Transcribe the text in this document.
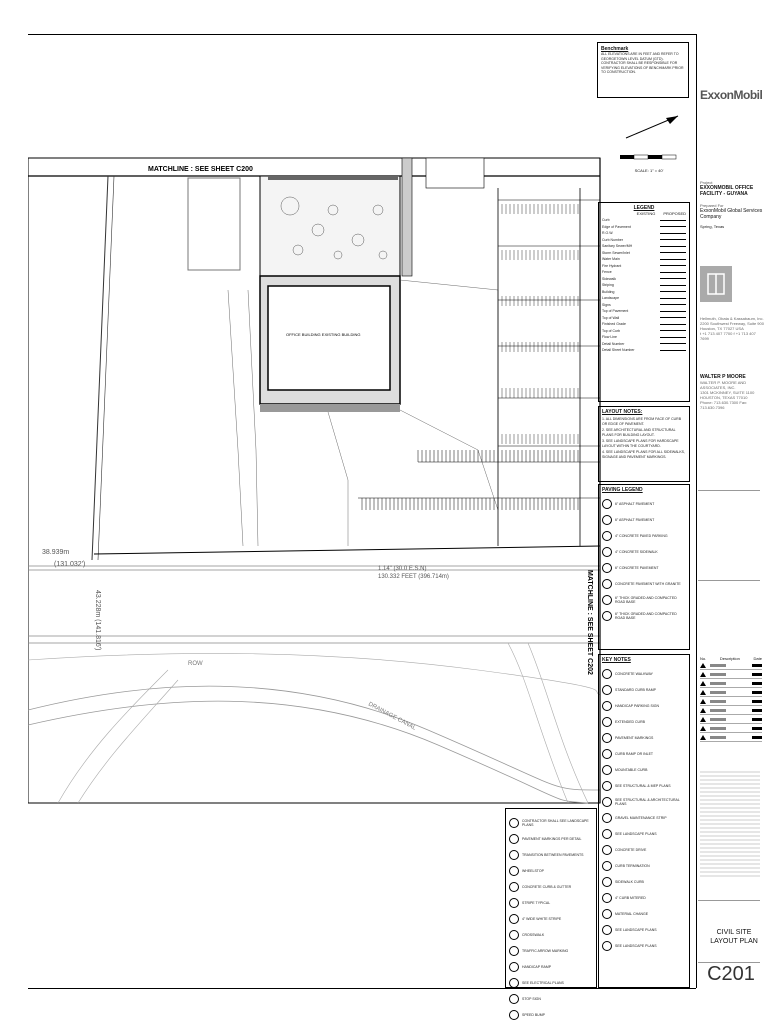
MATCHLINE : SEE SHEET C200
OFFICE BUILDING EXISTING BUILDING
38.939m
(131.032')
1.14" (30.0 E.S.N)
130.332 FEET (396.714m)
ROW
DRAINAGE CANAL
43.228m (141.816')	MATCHLINE : SEE SHEET C202
Benchmark
ALL ELEVATIONS ARE IN FEET AND REFER TO GEORGETOWN LEVEL DATUM (GTD). CONTRACTOR SHALL BE RESPONSIBLE FOR VERIFYING ELEVATIONS OF BENCHMARK PRIOR TO CONSTRUCTION.
SCALE: 1" = 40'
LEGEND
EXISTING PROPOSED
Curb
Edge of Pavement
R.O.W.
Curb Number
Sanitary Sewer/MH
Storm Sewer/Inlet
Water Main
Fire Hydrant
Fence
Sidewalk
Striping
Building
Landscape
Signs
Top of Pavement
Top of Wall
Finished Grade
Top of Curb
Flow Line
Detail Number
Detail Sheet Number
LAYOUT NOTES:
1. ALL DIMENSIONS ARE FROM FACE OF CURB OR EDGE OF PAVEMENT.
2. SEE ARCHITECTURAL AND STRUCTURAL PLANS FOR BUILDING LAYOUT.
3. SEE LANDSCAPE PLANS FOR HARDSCAPE LAYOUT WITHIN THE COURTYARD.
4. SEE LANDSCAPE PLANS FOR ALL SIDEWALKS, SIGNAGE AND PAVEMENT MARKINGS.
PAVING LEGEND
6" ASPHALT PAVEMENT
6" ASPHALT PAVEMENT
4" CONCRETE PAVED PARKING
4" CONCRETE SIDEWALK
6" CONCRETE PAVEMENT
CONCRETE PAVEMENT WITH GRANITE
6" THICK GRADED AND COMPACTED ROAD BASE
6" THICK GRADED AND COMPACTED ROAD BASE
KEY NOTES
CONCRETE WALKWAY
STANDARD CURB RAMP
HANDICAP PARKING SIGN
EXTENDED CURB
PAVEMENT MARKINGS
CURB RAMP OR INLET
MOUNTABLE CURB
SEE STRUCTURAL & MEP PLANS
SEE STRUCTURAL & ARCHITECTURAL PLANS
GRAVEL MAINTENANCE STRIP
SEE LANDSCAPE PLANS
CONCRETE DRIVE
CURB TERMINATION
SIDEWALK CURB
4" CURB MITERED
MATERIAL CHANGE
SEE LANDSCAPE PLANS
SEE LANDSCAPE PLANS
CONTRACTOR SHALL SEE LANDSCAPE PLANS
PAVEMENT MARKINGS PER DETAIL
TRANSITION BETWEEN PAVEMENTS
WHEELSTOP
CONCRETE CURB & GUTTER
STRIPE TYPICAL
4" WIDE WHITE STRIPE
CROSSWALK
TRAFFIC ARROW MARKING
HANDICAP RAMP
SEE ELECTRICAL PLANS
STOP SIGN
SPEED BUMP
ExxonMobil
Project
EXXONMOBIL OFFICE FACILITY - GUYANA
Prepared For
ExxonMobil Global Services Company
Spring, Texas
Hellmuth, Obata & Kassabaum, Inc.
2200 Southwest Freeway, Suite 900 Houston, TX 77027 USA
t +1 713 407 7700 f +1 713 407 7699
WALTER P MOORE
WALTER P. MOORE AND ASSOCIATES, INC.
1301 MCKINNEY, SUITE 1100 HOUSTON, TEXAS 77010
Phone: 713.630.7300 Fax: 713.630.7396
No.	Description	Date
CIVIL SITE LAYOUT PLAN
C201
